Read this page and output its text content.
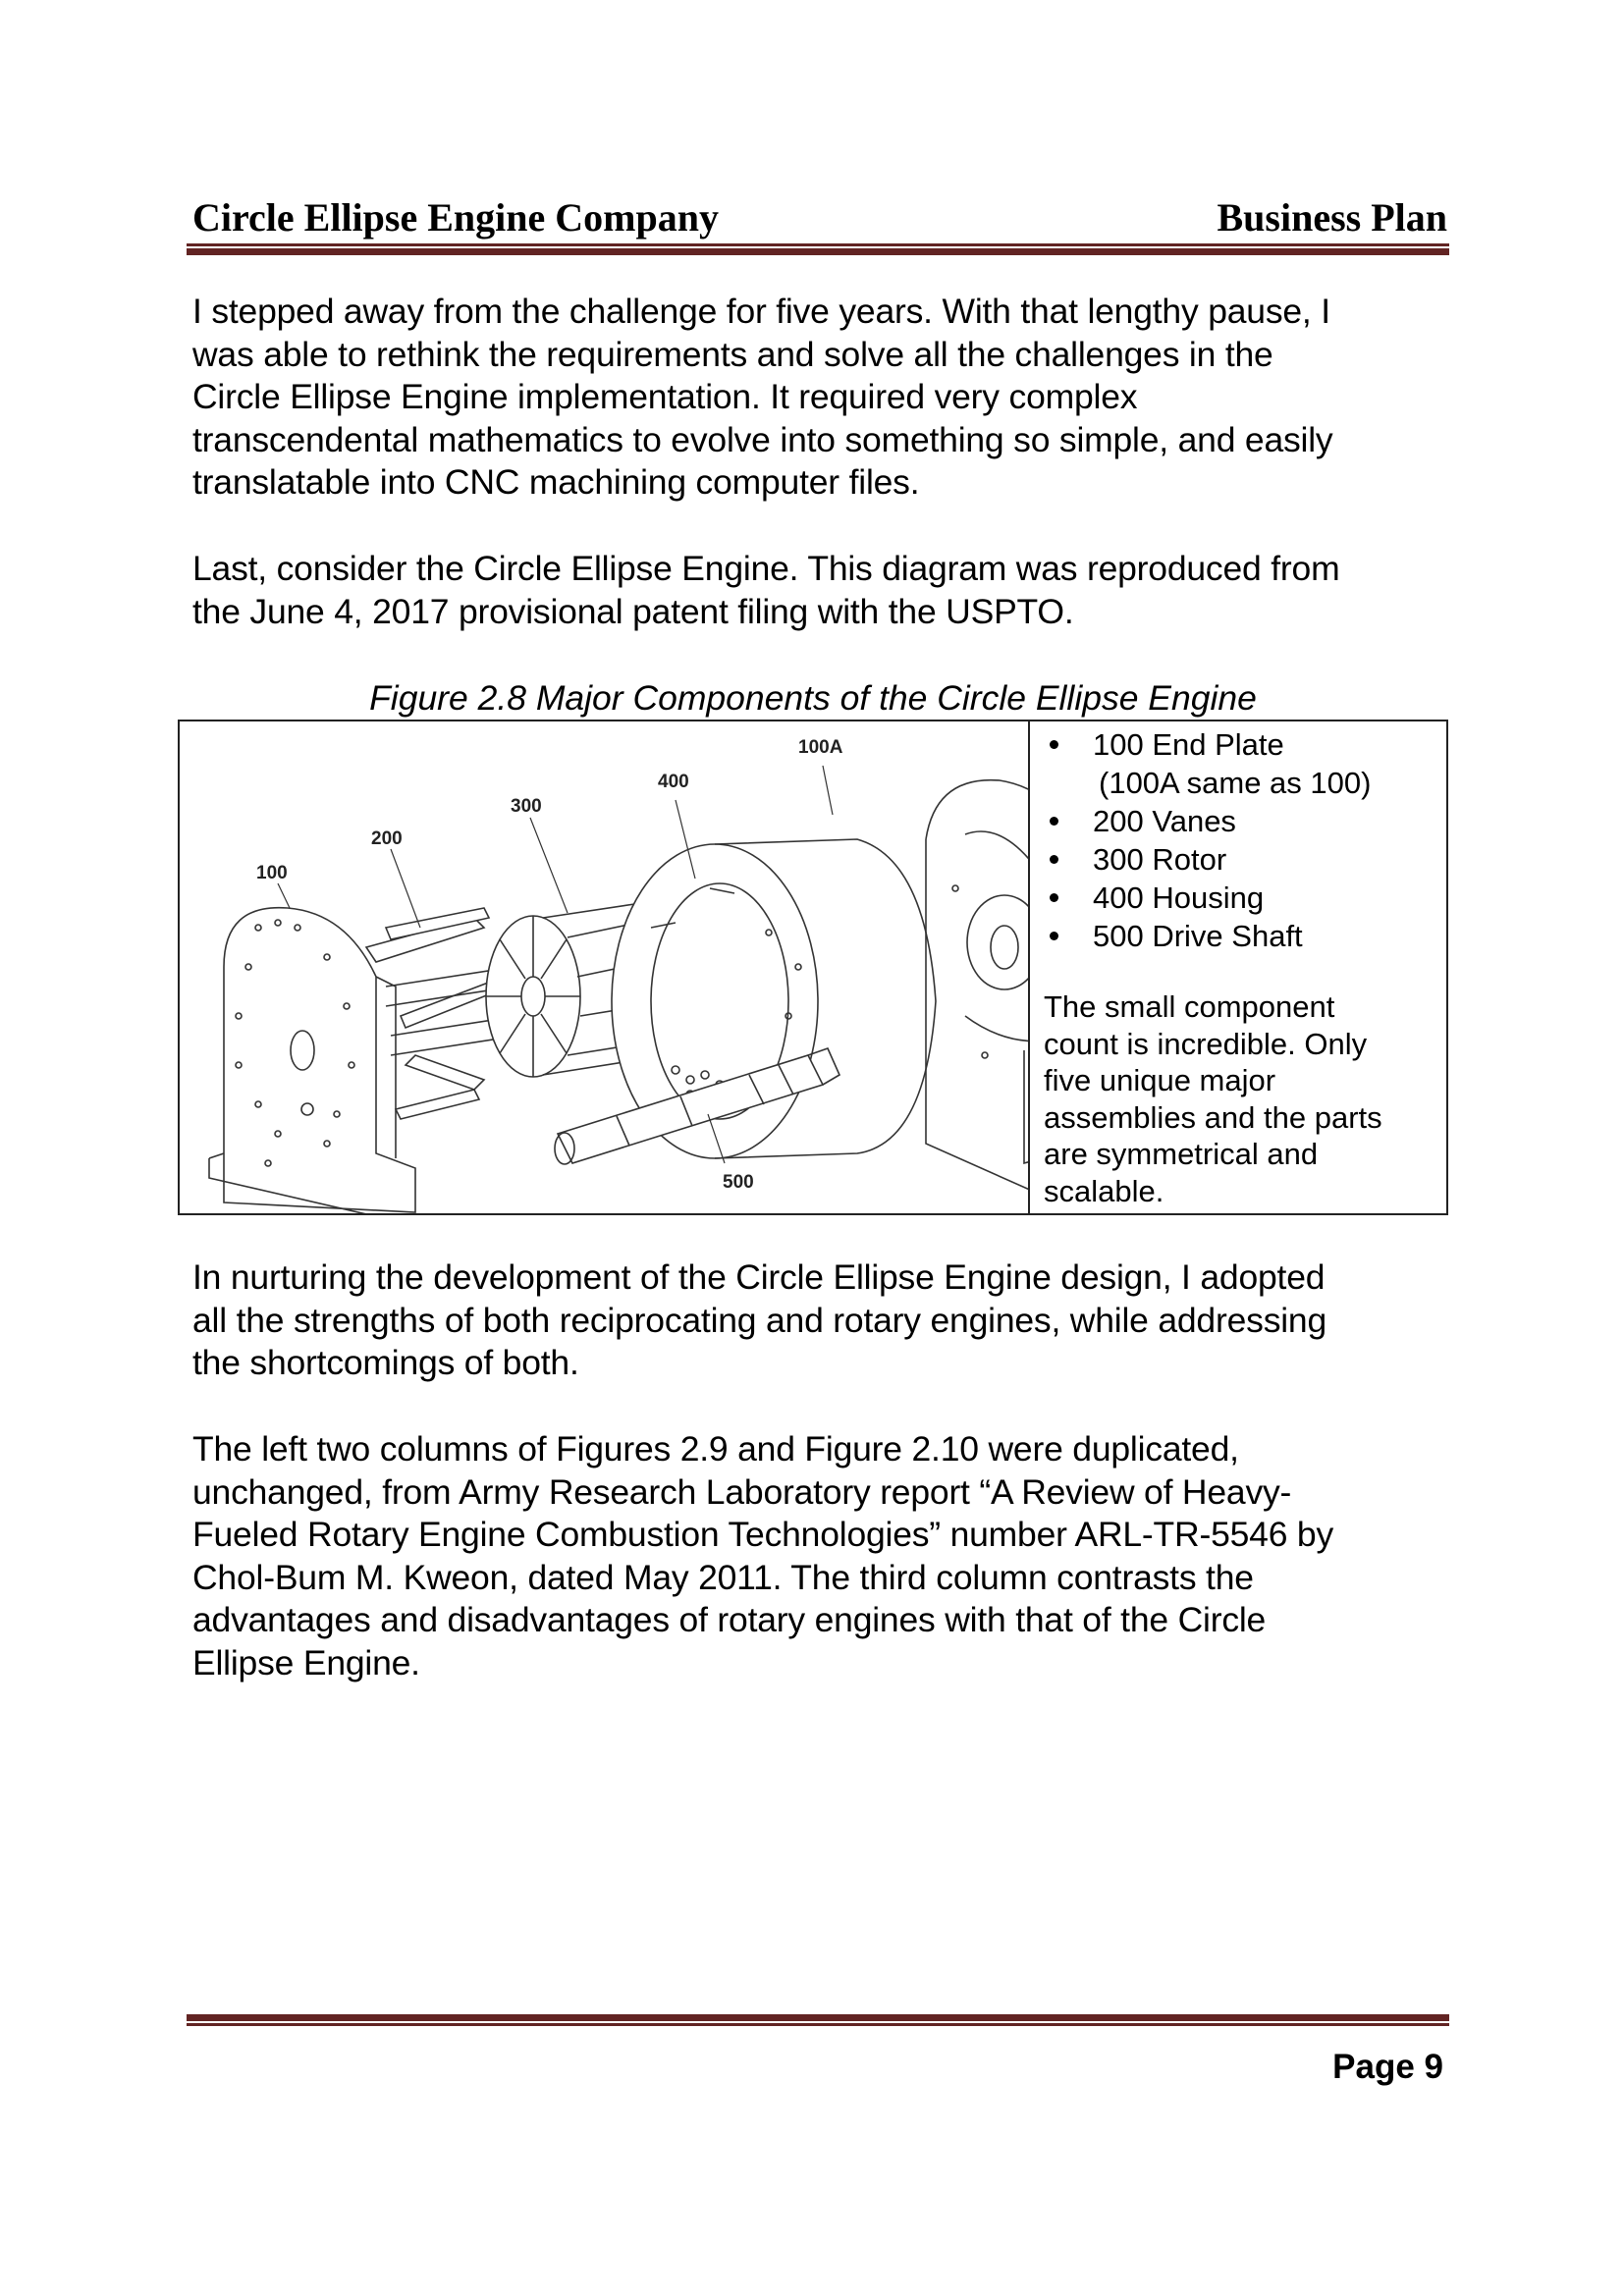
Circle Ellipse Engine Company	Business Plan
I stepped away from the challenge for five years. With that lengthy pause, I
was able to rethink the requirements and solve all the challenges in the
Circle Ellipse Engine implementation. It required very complex
transcendental mathematics to evolve into something so simple, and easily
translatable into CNC machining computer files.
Last, consider the Circle Ellipse Engine. This diagram was reproduced from
the June 4, 2017 provisional patent filing with the USPTO.
Figure 2.8 Major Components of the Circle Ellipse Engine
100
200
300
400
100A
500
100 End Plate
(100A same as 100)
200 Vanes
300 Rotor
400 Housing
500 Drive Shaft
The small component
count is incredible. Only
five unique major
assemblies and the parts
are symmetrical and
scalable.
In nurturing the development of the Circle Ellipse Engine design, I adopted
all the strengths of both reciprocating and rotary engines, while addressing
the shortcomings of both.
The left two columns of Figures 2.9 and Figure 2.10 were duplicated,
unchanged, from Army Research Laboratory report “A Review of Heavy-
Fueled Rotary Engine Combustion Technologies” number ARL-TR-5546 by
Chol-Bum M. Kweon, dated May 2011. The third column contrasts the
advantages and disadvantages of rotary engines with that of the Circle
Ellipse Engine.
Page 9
